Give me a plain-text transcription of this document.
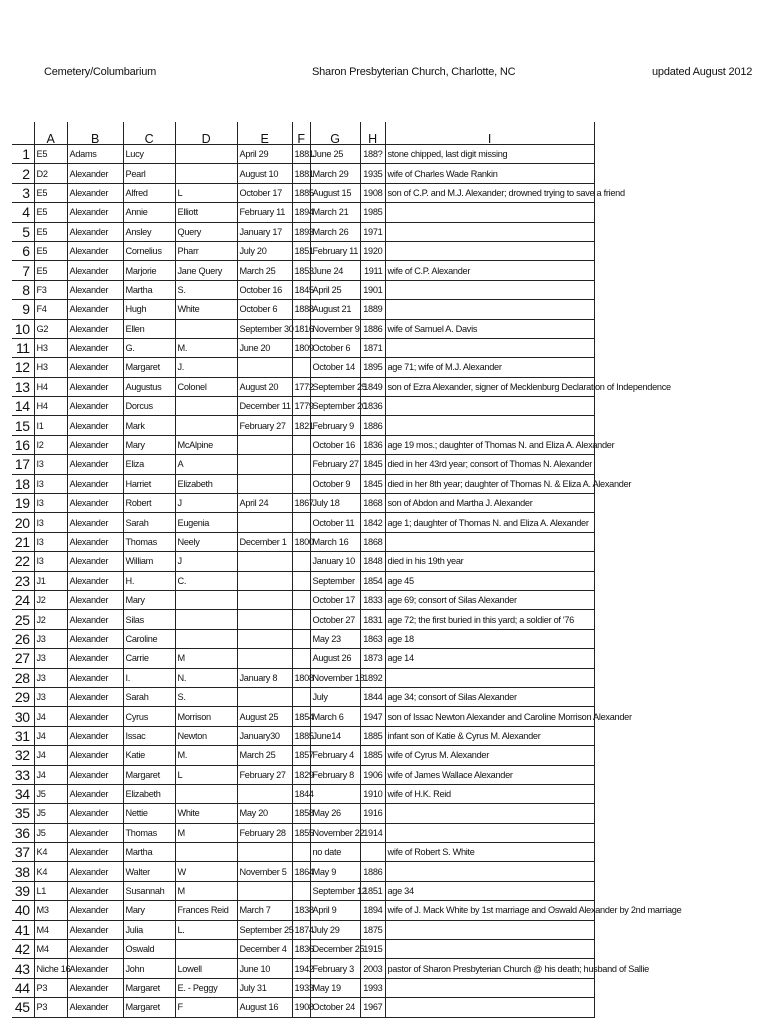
Cemetery/Columbarium	Sharon Presbyterian Church, Charlotte, NC	updated August 2012
	A	B	C	D	E	F	G	H	I
1	E5	Adams	Lucy		April 29	1881	June 25	188?	stone chipped, last digit missing
2	D2	Alexander	Pearl		August 10	1881	March 29	1935	wife of Charles Wade Rankin
3	E5	Alexander	Alfred	L	October 17	1885	August 15	1908	son of C.P. and M.J. Alexander; drowned trying to save a friend
4	E5	Alexander	Annie	Elliott	February 11	1894	March 21	1985	
5	E5	Alexander	Ansley	Query	January 17	1893	March 26	1971	
6	E5	Alexander	Cornelius	Pharr	July 20	1851	February 11	1920	
7	E5	Alexander	Marjorie	Jane Query	March 25	1853	June 24	1911	wife of C.P. Alexander
8	F3	Alexander	Martha	S.	October 16	1845	April 25	1901	
9	F4	Alexander	Hugh	White	October 6	1888	August 21	1889	
10	G2	Alexander	Ellen		September 30	1816	November 9	1886	wife of Samuel A. Davis
11	H3	Alexander	G.	M.	June 20	1809	October 6	1871	
12	H3	Alexander	Margaret	J.			October 14	1895	age 71; wife of M.J. Alexander
13	H4	Alexander	Augustus	Colonel	August 20	1772	September 25	1849	son of Ezra Alexander, signer of Mecklenburg Declaration of Independence
14	H4	Alexander	Dorcus		December 11	1779	September 20	1836	
15	I1	Alexander	Mark		February 27	1821	February 9	1886	
16	I2	Alexander	Mary	McAlpine			October 16	1836	age 19 mos.; daughter of Thomas N. and Eliza A. Alexander
17	I3	Alexander	Eliza	A			February 27	1845	died in her 43rd year; consort of Thomas N. Alexander
18	I3	Alexander	Harriet	Elizabeth			October 9	1845	died in her 8th year; daughter of Thomas N. & Eliza A. Alexander
19	I3	Alexander	Robert	J	April 24	1867	July 18	1868	son of Abdon and Martha J. Alexander
20	I3	Alexander	Sarah	Eugenia			October 11	1842	age 1; daughter of Thomas N. and Eliza A. Alexander
21	I3	Alexander	Thomas	Neely	December 1	1800	March 16	1868	
22	I3	Alexander	William	J			January 10	1848	died in his 19th year
23	J1	Alexander	H.	C.			September	1854	age 45
24	J2	Alexander	Mary				October 17	1833	age 69; consort of Silas Alexander
25	J2	Alexander	Silas				October 27	1831	age 72; the first buried in this yard; a soldier of '76
26	J3	Alexander	Caroline				May 23	1863	age 18
27	J3	Alexander	Carrie	M			August 26	1873	age 14
28	J3	Alexander	I.	N.	January 8	1808	November 18	1892	
29	J3	Alexander	Sarah	S.			July	1844	age 34; consort of Silas Alexander
30	J4	Alexander	Cyrus	Morrison	August 25	1854	March 6	1947	son of Issac Newton Alexander and Caroline Morrison Alexander
31	J4	Alexander	Issac	Newton	January30	1885	June14	1885	infant son of Katie & Cyrus M. Alexander
32	J4	Alexander	Katie	M.	March 25	1857	February 4	1885	wife of Cyrus M. Alexander
33	J4	Alexander	Margaret	L	February 27	1829	February 8	1906	wife of James Wallace Alexander
34	J5	Alexander	Elizabeth			1844		1910	wife of H.K. Reid
35	J5	Alexander	Nettie	White	May 20	1858	May 26	1916	
36	J5	Alexander	Thomas	M	February 28	1855	November 22	1914	
37	K4	Alexander	Martha				no date		wife of Robert S. White
38	K4	Alexander	Walter	W	November 5	1864	May 9	1886	
39	L1	Alexander	Susannah	M			September 12	1851	age 34
40	M3	Alexander	Mary	Frances Reid	March 7	1838	April 9	1894	wife of J. Mack White by 1st marriage and Oswald Alexander by 2nd marriage
41	M4	Alexander	Julia	L.	September 25	1874	July 29	1875	
42	M4	Alexander	Oswald		December 4	1836	December 25	1915	
43	Niche 16	Alexander	John	Lowell	June 10	1942	February 3	2003	pastor of Sharon Presbyterian Church @ his death; husband of Sallie
44	P3	Alexander	Margaret	E. - Peggy	July 31	1933	May 19	1993	
45	P3	Alexander	Margaret	F	August 16	1908	October 24	1967	
